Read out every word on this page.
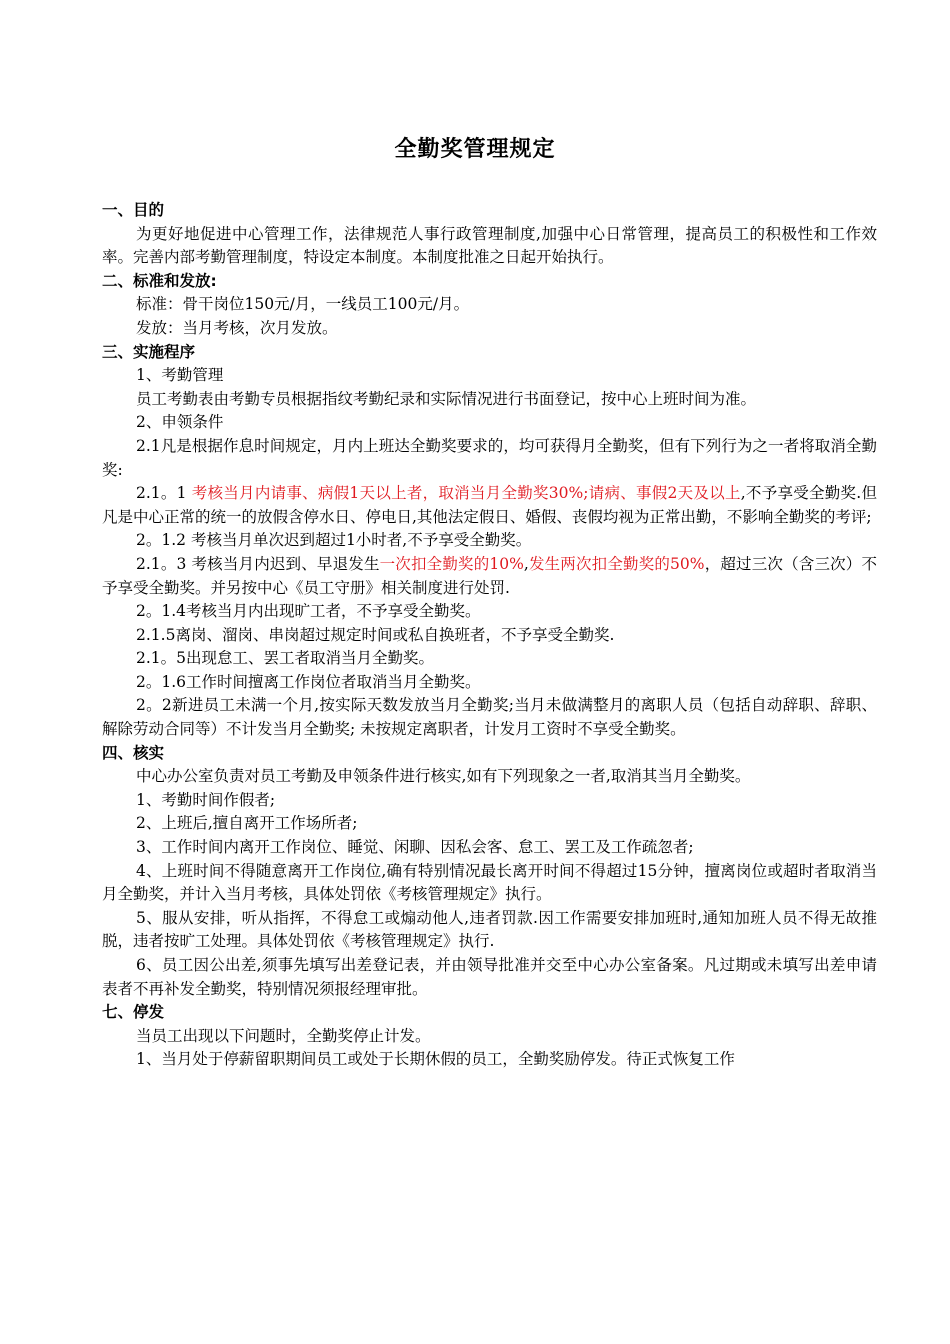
全勤奖管理规定

一、目的

为更好地促进中心管理工作，法律规范人事行政管理制度,加强中心日常管理，提高员工的积极性和工作效率。完善内部考勤管理制度，特设定本制度。本制度批准之日起开始执行。

二、标准和发放:

标准：骨干岗位150元/月，一线员工100元/月。

发放：当月考核，次月发放。

三、实施程序

1、考勤管理

员工考勤表由考勤专员根据指纹考勤纪录和实际情况进行书面登记，按中心上班时间为准。

2、申领条件

2.1凡是根据作息时间规定，月内上班达全勤奖要求的，均可获得月全勤奖，但有下列行为之一者将取消全勤奖:

2.1。1 考核当月内请事、病假1天以上者，取消当月全勤奖30%;请病、事假2天及以上,不予享受全勤奖.但凡是中心正常的统一的放假含停水日、停电日,其他法定假日、婚假、丧假均视为正常出勤，不影响全勤奖的考评;

2。1.2 考核当月单次迟到超过1小时者,不予享受全勤奖。

2.1。3 考核当月内迟到、早退发生一次扣全勤奖的10%,发生两次扣全勤奖的50%，超过三次（含三次）不予享受全勤奖。并另按中心《员工守册》相关制度进行处罚.

2。1.4考核当月内出现旷工者，不予享受全勤奖。

2.1.5离岗、溜岗、串岗超过规定时间或私自换班者，不予享受全勤奖.

2.1。5出现怠工、罢工者取消当月全勤奖。

2。1.6工作时间擅离工作岗位者取消当月全勤奖。

2。2新进员工未满一个月,按实际天数发放当月全勤奖;当月未做满整月的离职人员（包括自动辞职、辞职、解除劳动合同等）不计发当月全勤奖; 未按规定离职者，计发月工资时不享受全勤奖。

四、核实

中心办公室负责对员工考勤及申领条件进行核实,如有下列现象之一者,取消其当月全勤奖。

1、考勤时间作假者;

2、上班后,擅自离开工作场所者;

3、工作时间内离开工作岗位、睡觉、闲聊、因私会客、怠工、罢工及工作疏忽者;

4、上班时间不得随意离开工作岗位,确有特别情况最长离开时间不得超过15分钟，擅离岗位或超时者取消当月全勤奖，并计入当月考核，具体处罚依《考核管理规定》执行。

5、服从安排，听从指挥，不得怠工或煽动他人,违者罚款.因工作需要安排加班时,通知加班人员不得无故推脱，违者按旷工处理。具体处罚依《考核管理规定》执行.

6、员工因公出差,须事先填写出差登记表，并由领导批准并交至中心办公室备案。凡过期或未填写出差申请表者不再补发全勤奖，特别情况须报经理审批。

七、停发

当员工出现以下问题时，全勤奖停止计发。

1、当月处于停薪留职期间员工或处于长期休假的员工，全勤奖励停发。待正式恢复工作
